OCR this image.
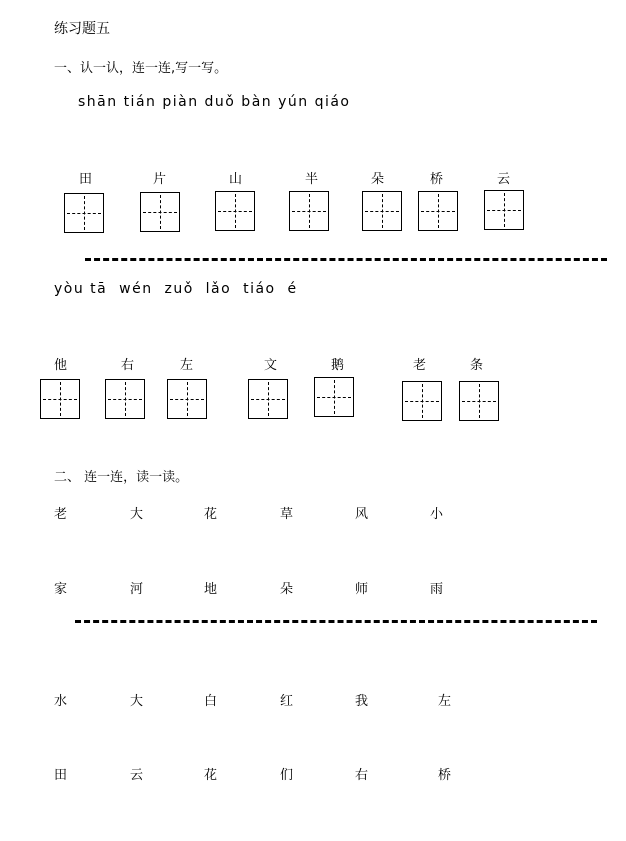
练习题五
一、认一认，连一连,写一写。
shān tián piàn duǒ bàn yún qiáo
田	片	山	半	朵	桥	云
yòu tā  wén  zuǒ  lǎo  tiáo  é
他	右	左	文	鹅	老	条
二、 连一连，读一读。
老	大	花	草	风	小
家	河	地	朵	师	雨
水	大	白	红	我	左
田	云	花	们	右	桥
